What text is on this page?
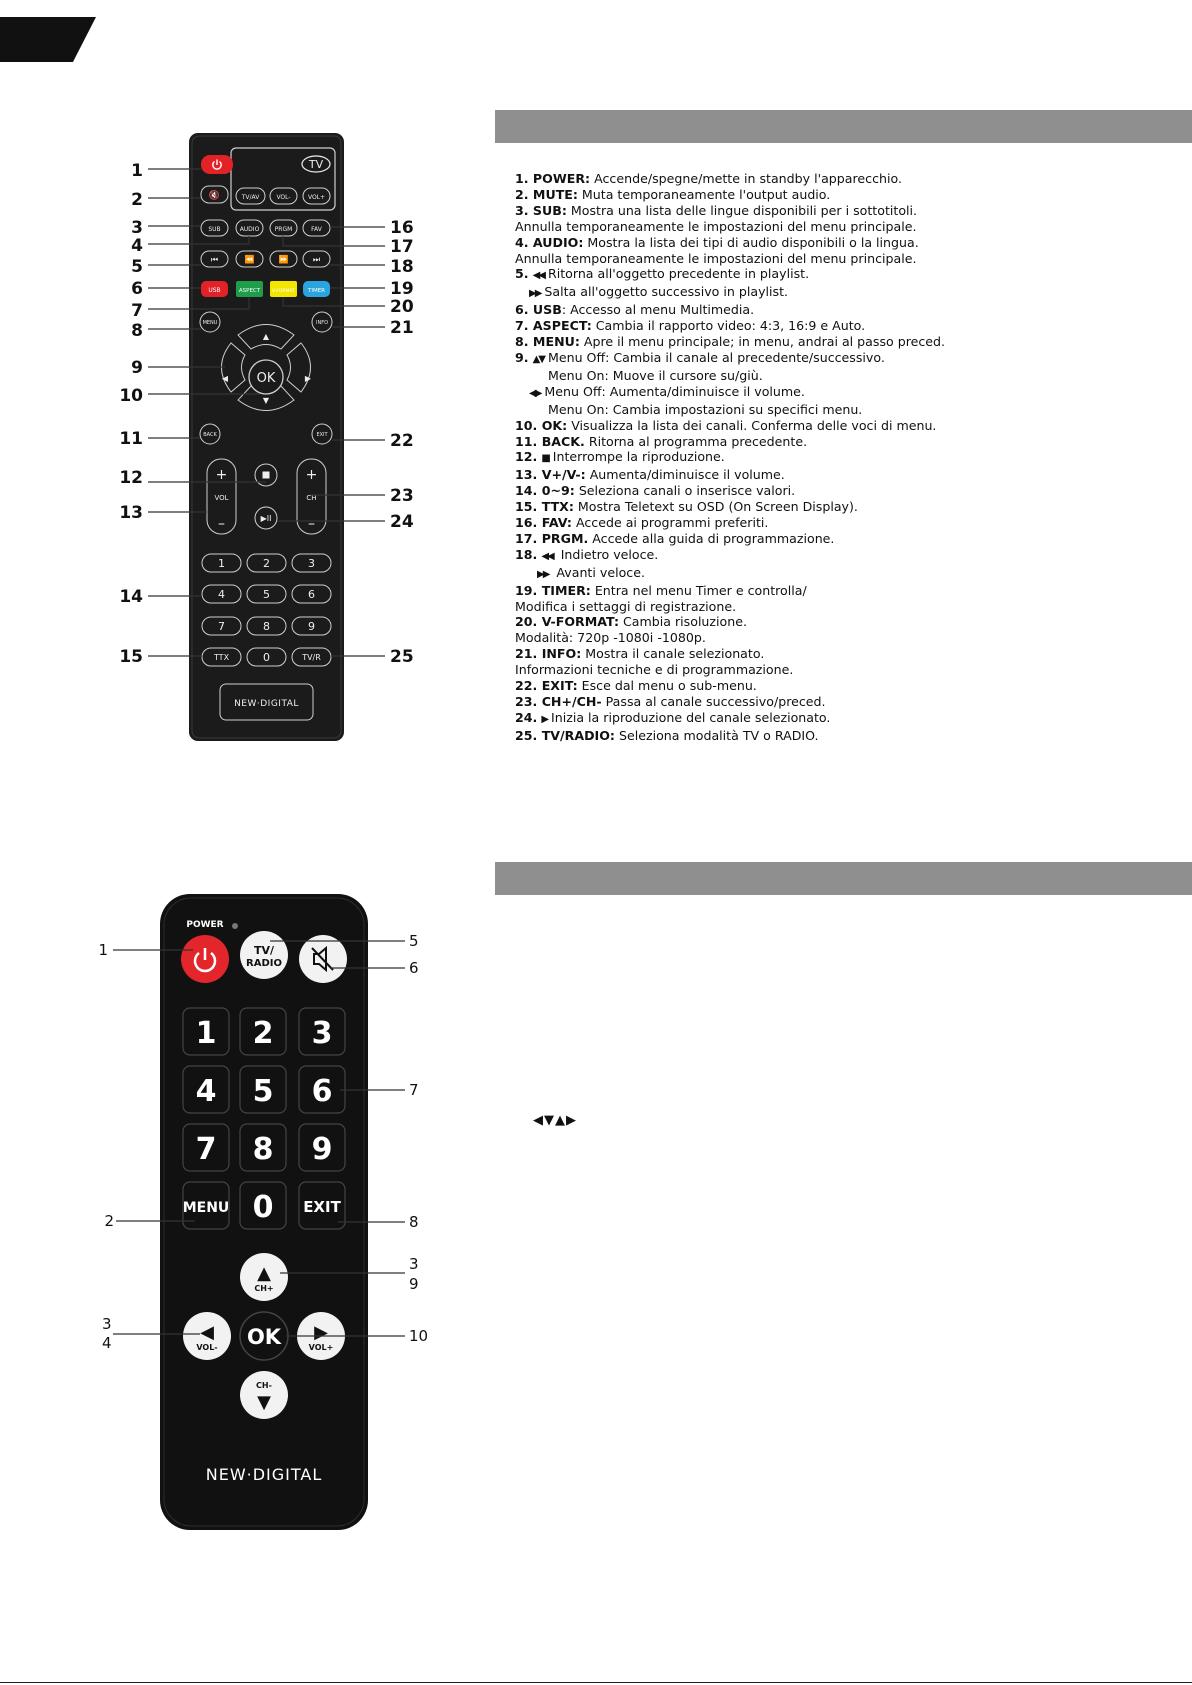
TV
🔇	TV/AV	VOL-	VOL+
SUB	AUDIO	PRGM	FAV
⏮	⏪	⏩	⏭
USB	ASPECT	V-FORMAT TIMER
MENU	INFO
▲
▼
◀	▶
OK
BACK	EXIT
+
VOL
–
+
CH
–
▶II
1	2	3
4	5	6
7	8	9
TTX	0	TV/R
NEW·DIGITAL
1
2
3
4
5
6
7
8
9
10
11
12
13
14
15
16
17
18
19
20
21
22
23
24
25
1. POWER: Accende/spegne/mette in standby l'apparecchio.
2. MUTE: Muta temporaneamente l'output audio.
3. SUB: Mostra una lista delle lingue disponibili per i sottotitoli.
Annulla temporaneamente le impostazioni del menu principale.
4. AUDIO: Mostra la lista dei tipi di audio disponibili o la lingua.
Annulla temporaneamente le impostazioni del menu principale.
5. ◀◀ Ritorna all'oggetto precedente in playlist.
▶▶ Salta all'oggetto successivo in playlist.
6. USB: Accesso al menu Multimedia.
7. ASPECT: Cambia il rapporto video: 4:3, 16:9 e Auto.
8. MENU: Apre il menu principale; in menu, andrai al passo preced.
9. ▲▼ Menu Off: Cambia il canale al precedente/successivo.
Menu On: Muove il cursore su/giù.
◀▶ Menu Off: Aumenta/diminuisce il volume.
Menu On: Cambia impostazioni su specifici menu.
10. OK: Visualizza la lista dei canali. Conferma delle voci di menu.
11. BACK. Ritorna al programma precedente.
12. ■ Interrompe la riproduzione.
13. V+/V-: Aumenta/diminuisce il volume.
14. 0~9: Seleziona canali o inserisce valori.
15. TTX: Mostra Teletext su OSD (On Screen Display).
16. FAV: Accede ai programmi preferiti.
17. PRGM. Accede alla guida di programmazione.
18. ◀◀ Indietro veloce.
▶▶ Avanti veloce.
19. TIMER: Entra nel menu Timer e controlla/
Modifica i settaggi di registrazione.
20. V-FORMAT: Cambia risoluzione.
Modalità: 720p -1080i -1080p.
21. INFO: Mostra il canale selezionato.
Informazioni tecniche e di programmazione.
22. EXIT: Esce dal menu o sub-menu.
23. CH+/CH- Passa al canale successivo/preced.
24. ▶ Inizia la riproduzione del canale selezionato.
25. TV/RADIO: Seleziona modalità TV o RADIO.
POWER
TV/
RADIO
1 2 3
4 5 6
7 8 9
0
MENU	EXIT
▲
CH+
◀
VOL- OK ▶
VOL+
CH-
▼
NEW·DIGITAL
1	5
6
7
2	8
3
9
3
4	10
◀▼▲▶
